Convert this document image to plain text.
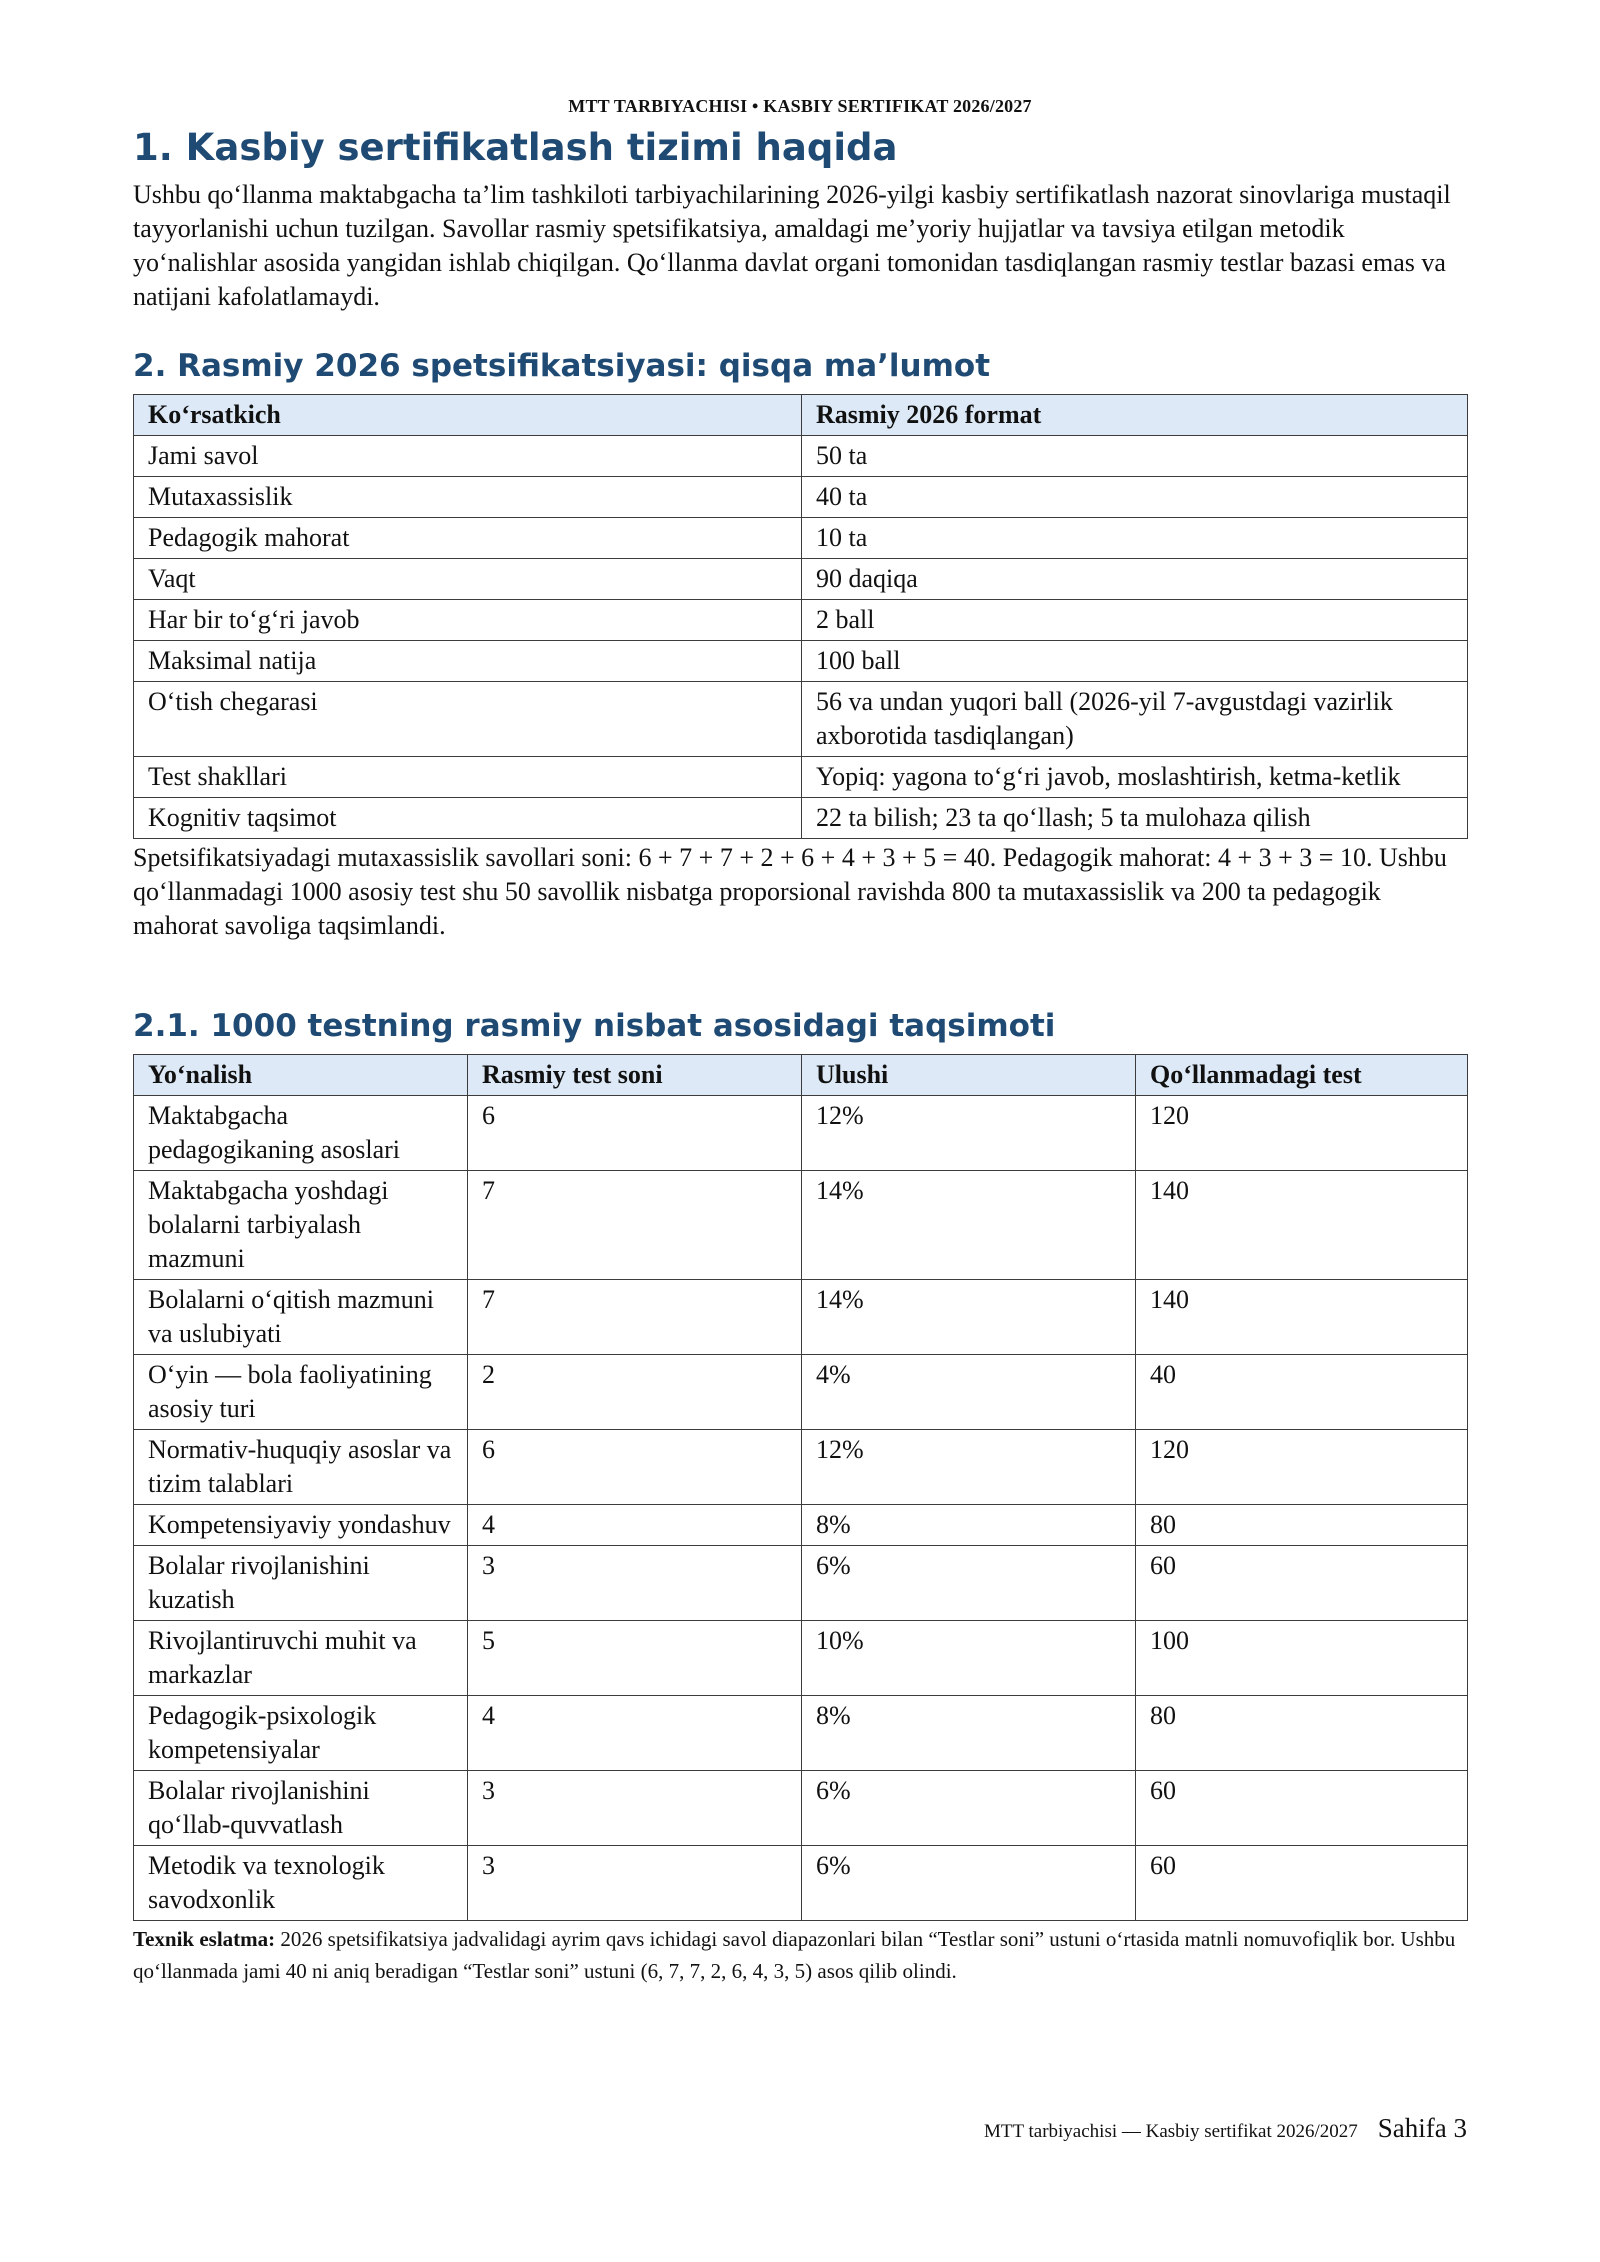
MTT TARBIYACHISI • KASBIY SERTIFIKAT 2026/2027
1. Kasbiy sertifikatlash tizimi haqida

Ushbu qo‘llanma maktabgacha ta’lim tashkiloti tarbiyachilarining 2026-yilgi kasbiy sertifikatlash nazorat sinovlariga mustaqil tayyorlanishi uchun tuzilgan. Savollar rasmiy spetsifikatsiya, amaldagi me’yoriy hujjatlar va tavsiya etilgan metodik yo‘nalishlar asosida yangidan ishlab chiqilgan. Qo‘llanma davlat organi tomonidan tasdiqlangan rasmiy testlar bazasi emas va natijani kafolatlamaydi.

2. Rasmiy 2026 spetsifikatsiyasi: qisqa ma’lumot
Ko‘rsatkich	Rasmiy 2026 format
Jami savol	50 ta
Mutaxassislik	40 ta
Pedagogik mahorat	10 ta
Vaqt	90 daqiqa
Har bir to‘g‘ri javob	2 ball
Maksimal natija	100 ball
O‘tish chegarasi	56 va undan yuqori ball (2026-yil 7-avgustdagi vazirlik axborotida tasdiqlangan)
Test shakllari	Yopiq: yagona to‘g‘ri javob, moslashtirish, ketma-ketlik
Kognitiv taqsimot	22 ta bilish; 23 ta qo‘llash; 5 ta mulohaza qilish

Spetsifikatsiyadagi mutaxassislik savollari soni: 6 + 7 + 7 + 2 + 6 + 4 + 3 + 5 = 40. Pedagogik mahorat: 4 + 3 + 3 = 10. Ushbu qo‘llanmadagi 1000 asosiy test shu 50 savollik nisbatga proporsional ravishda 800 ta mutaxassislik va 200 ta pedagogik mahorat savoliga taqsimlandi.

2.1. 1000 testning rasmiy nisbat asosidagi taqsimoti
Yo‘nalish	Rasmiy test soni	Ulushi	Qo‘llanmadagi test
Maktabgacha pedagogikaning asoslari	6	12%	120
Maktabgacha yoshdagi bolalarni tarbiyalash mazmuni	7	14%	140
Bolalarni o‘qitish mazmuni va uslubiyati	7	14%	140
O‘yin — bola faoliyatining asosiy turi	2	4%	40
Normativ-huquqiy asoslar va tizim talablari	6	12%	120
Kompetensiyaviy yondashuv	4	8%	80
Bolalar rivojlanishini kuzatish	3	6%	60
Rivojlantiruvchi muhit va markazlar	5	10%	100
Pedagogik-psixologik kompetensiyalar	4	8%	80
Bolalar rivojlanishini qo‘llab-quvvatlash	3	6%	60
Metodik va texnologik savodxonlik	3	6%	60

Texnik eslatma: 2026 spetsifikatsiya jadvalidagi ayrim qavs ichidagi savol diapazonlari bilan “Testlar soni” ustuni o‘rtasida matnli nomuvofiqlik bor. Ushbu qo‘llanmada jami 40 ni aniq beradigan “Testlar soni” ustuni (6, 7, 7, 2, 6, 4, 3, 5) asos qilib olindi.

MTT tarbiyachisi — Kasbiy sertifikat 2026/2027 Sahifa 3
